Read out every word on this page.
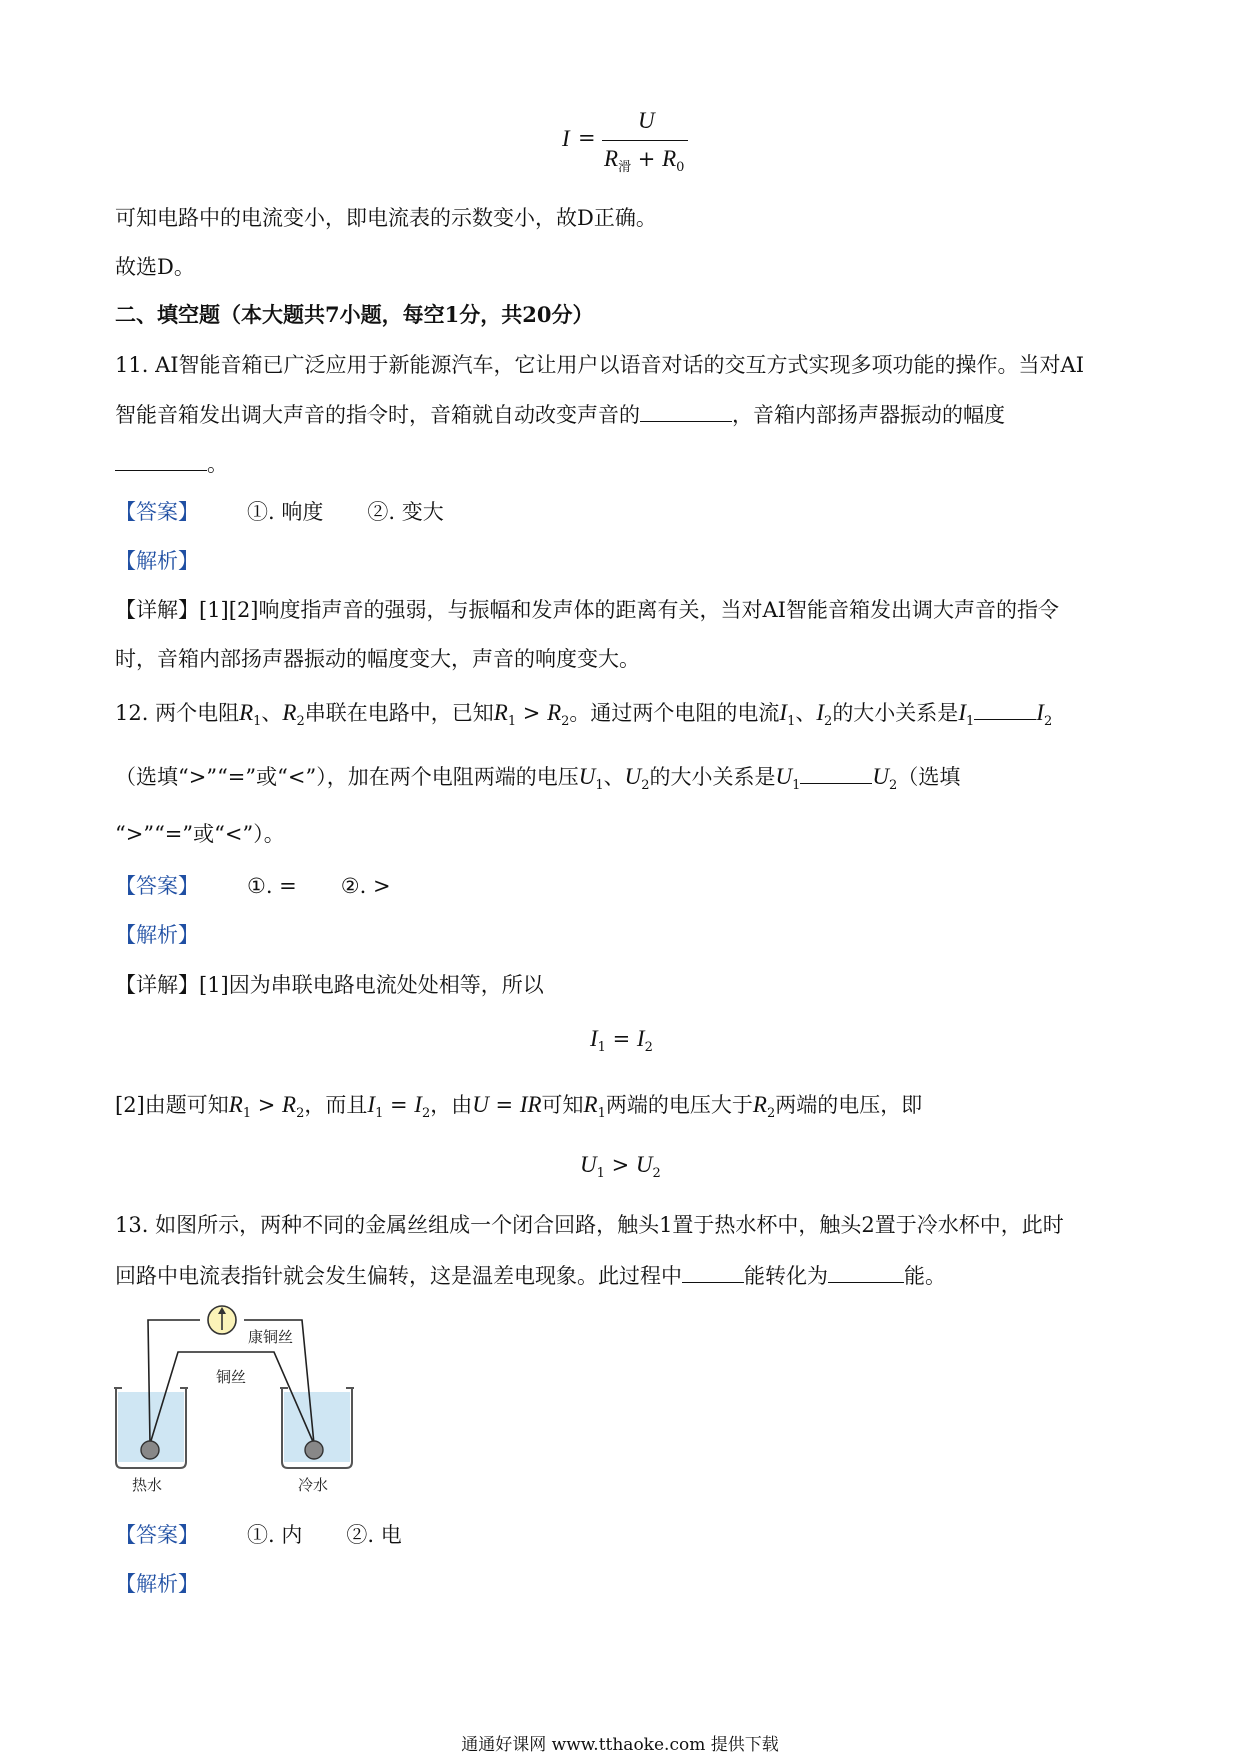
I =
U
$R_滑 + R_0$
可知电路中的电流变小，即电流表的示数变小，故D正确。
故选D。
二、填空题（本大题共7小题，每空1分，共20分）
11. AI智能音箱已广泛应用于新能源汽车，它让用户以语音对话的交互方式实现多项功能的操作。当对AI
智能音箱发出调大声音的指令时，音箱就自动改变声音的	，音箱内部扬声器振动的幅度
。
【答案】 ①. 响度 ②. 变大
【解析】
【详解】[1][2]响度指声音的强弱，与振幅和发声体的距离有关，当对AI智能音箱发出调大声音的指令
时，音箱内部扬声器振动的幅度变大，声音的响度变大。
12. 两个电阻$R_1$、$R_2$串联在电路中，已知$R_1 > R_2$。通过两个电阻的电流$I_1$、$I_2$的大小关系是$I_1$	$I_2$
（选填“>”“=”或“<”），加在两个电阻两端的电压$U_1$、$U_2$的大小关系是$U_1$	$U_2$（选填
“>”“=”或“<”）。
【答案】 ①. = ②. >
【解析】
【详解】[1]因为串联电路电流处处相等，所以
$I_1 = I_2$
[2]由题可知$R_1 > R_2$，而且$I_1 = I_2$，由U = IR可知$R_1$两端的电压大于$R_2$两端的电压，即
$U_1 > U_2$
13. 如图所示，两种不同的金属丝组成一个闭合回路，触头1置于热水杯中，触头2置于冷水杯中，此时
回路中电流表指针就会发生偏转，这是温差电现象。此过程中	能转化为	能。
康铜丝
铜丝
热水	冷水
【答案】 ①. 内 ②. 电
【解析】
通通好课网 www.tthaoke.com 提供下载
